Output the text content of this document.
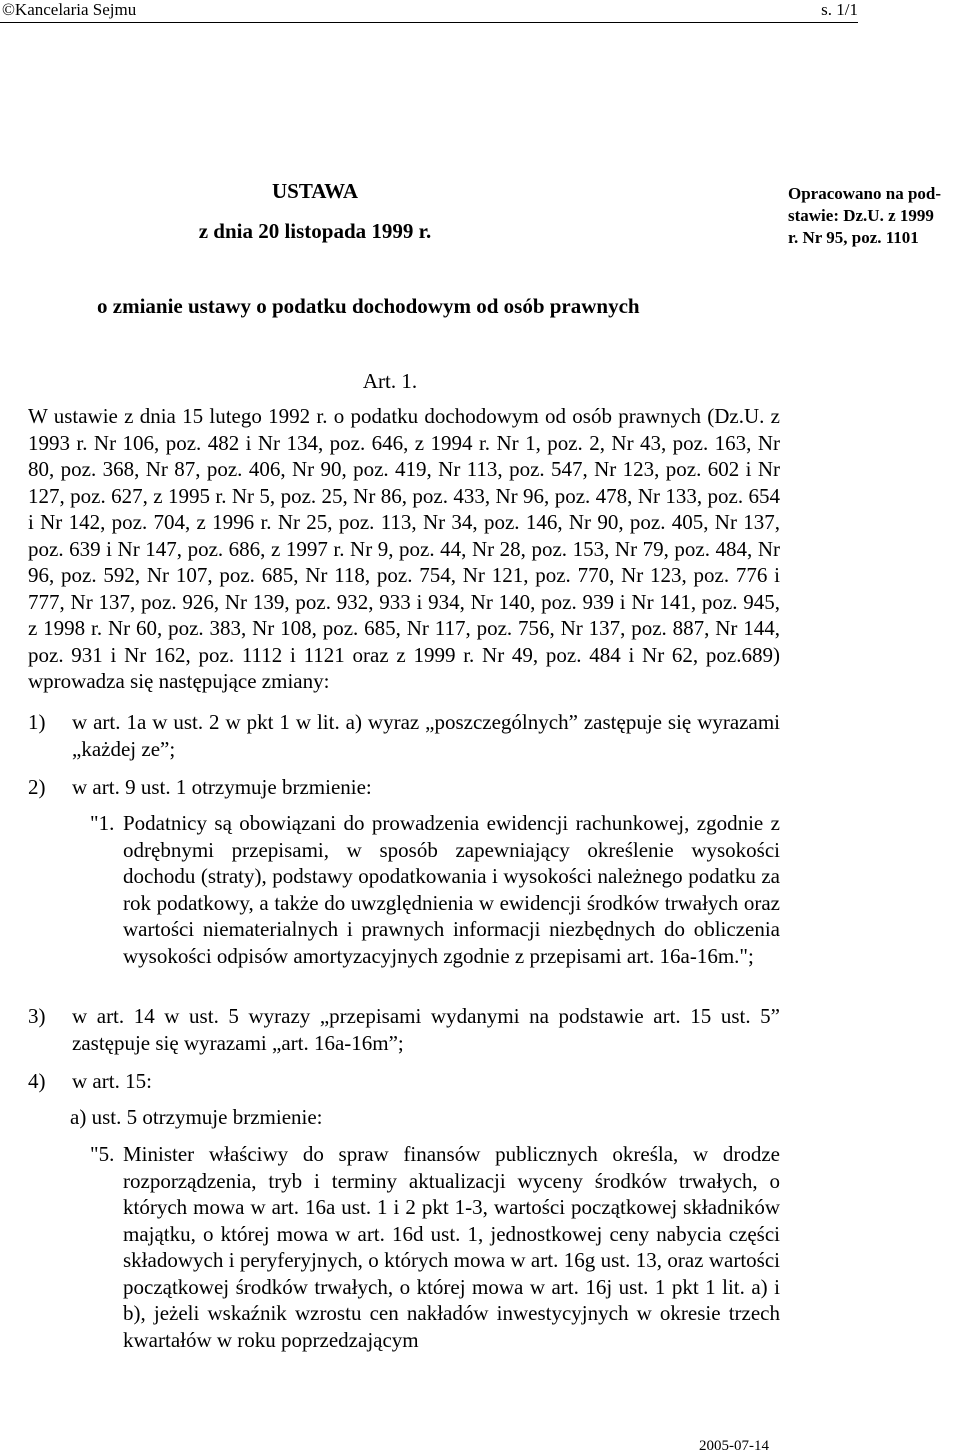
©Kancelaria Sejmu	s. 1/1
USTAWA
z dnia 20 listopada 1999 r.
o zmianie ustawy o podatku dochodowym od osób prawnych
Opracowano na pod-
stawie: Dz.U. z 1999
r. Nr 95, poz. 1101
Art. 1.
W ustawie z dnia 15 lutego 1992 r. o podatku dochodowym od osób prawnych (Dz.U. z 1993 r. Nr 106, poz. 482 i Nr 134, poz. 646, z 1994 r. Nr 1, poz. 2, Nr 43, poz. 163, Nr 80, poz. 368, Nr 87, poz. 406, Nr 90, poz. 419, Nr 113, poz. 547, Nr 123, poz. 602 i Nr 127, poz. 627, z 1995 r. Nr 5, poz. 25, Nr 86, poz. 433, Nr 96, poz. 478, Nr 133, poz. 654 i Nr 142, poz. 704, z 1996 r. Nr 25, poz. 113, Nr 34, poz. 146, Nr 90, poz. 405, Nr 137, poz. 639 i Nr 147, poz. 686, z 1997 r. Nr 9, poz. 44, Nr 28, poz. 153, Nr 79, poz. 484, Nr 96, poz. 592, Nr 107, poz. 685, Nr 118, poz. 754, Nr 121, poz. 770, Nr 123, poz. 776 i 777, Nr 137, poz. 926, Nr 139, poz. 932, 933 i 934, Nr 140, poz. 939 i Nr 141, poz. 945, z 1998 r. Nr 60, poz. 383, Nr 108, poz. 685, Nr 117, poz. 756, Nr 137, poz. 887, Nr 144, poz. 931 i Nr 162, poz. 1112 i 1121 oraz z 1999 r. Nr 49, poz. 484 i Nr 62, poz.689) wprowadza się następujące zmiany:
1)	w art. 1a w ust. 2 w pkt 1 w lit. a) wyraz „poszczególnych” zastępuje się wyrazami „każdej ze”;
2)	w art. 9 ust. 1 otrzymuje brzmienie:
"1. Podatnicy są obowiązani do prowadzenia ewidencji rachunkowej, zgodnie z odrębnymi przepisami, w sposób zapewniający określenie wysokości dochodu (straty), podstawy opodatkowania i wysokości należnego podatku za rok podatkowy, a także do uwzględnienia w ewidencji środków trwałych oraz wartości niematerialnych i prawnych informacji niezbędnych do obliczenia wysokości odpisów amortyzacyjnych zgodnie z przepisami art. 16a-16m.";
3)	w art. 14 w ust. 5 wyrazy „przepisami wydanymi na podstawie art. 15 ust. 5” zastępuje się wyrazami „art. 16a-16m”;
4)	w art. 15:
a) ust. 5 otrzymuje brzmienie:
"5. Minister właściwy do spraw finansów publicznych określa, w drodze rozporządzenia, tryb i terminy aktualizacji wyceny środków trwałych, o których mowa w art. 16a ust. 1 i 2 pkt 1-3, wartości początkowej składników majątku, o której mowa w art. 16d ust. 1, jednostkowej ceny nabycia części składowych i peryferyjnych, o których mowa w art. 16g ust. 13, oraz wartości początkowej środków trwałych, o której mowa w art. 16j ust. 1 pkt 1 lit. a) i b), jeżeli wskaźnik wzrostu cen nakładów inwestycyjnych w okresie trzech kwartałów w roku poprzedzającym
2005-07-14
